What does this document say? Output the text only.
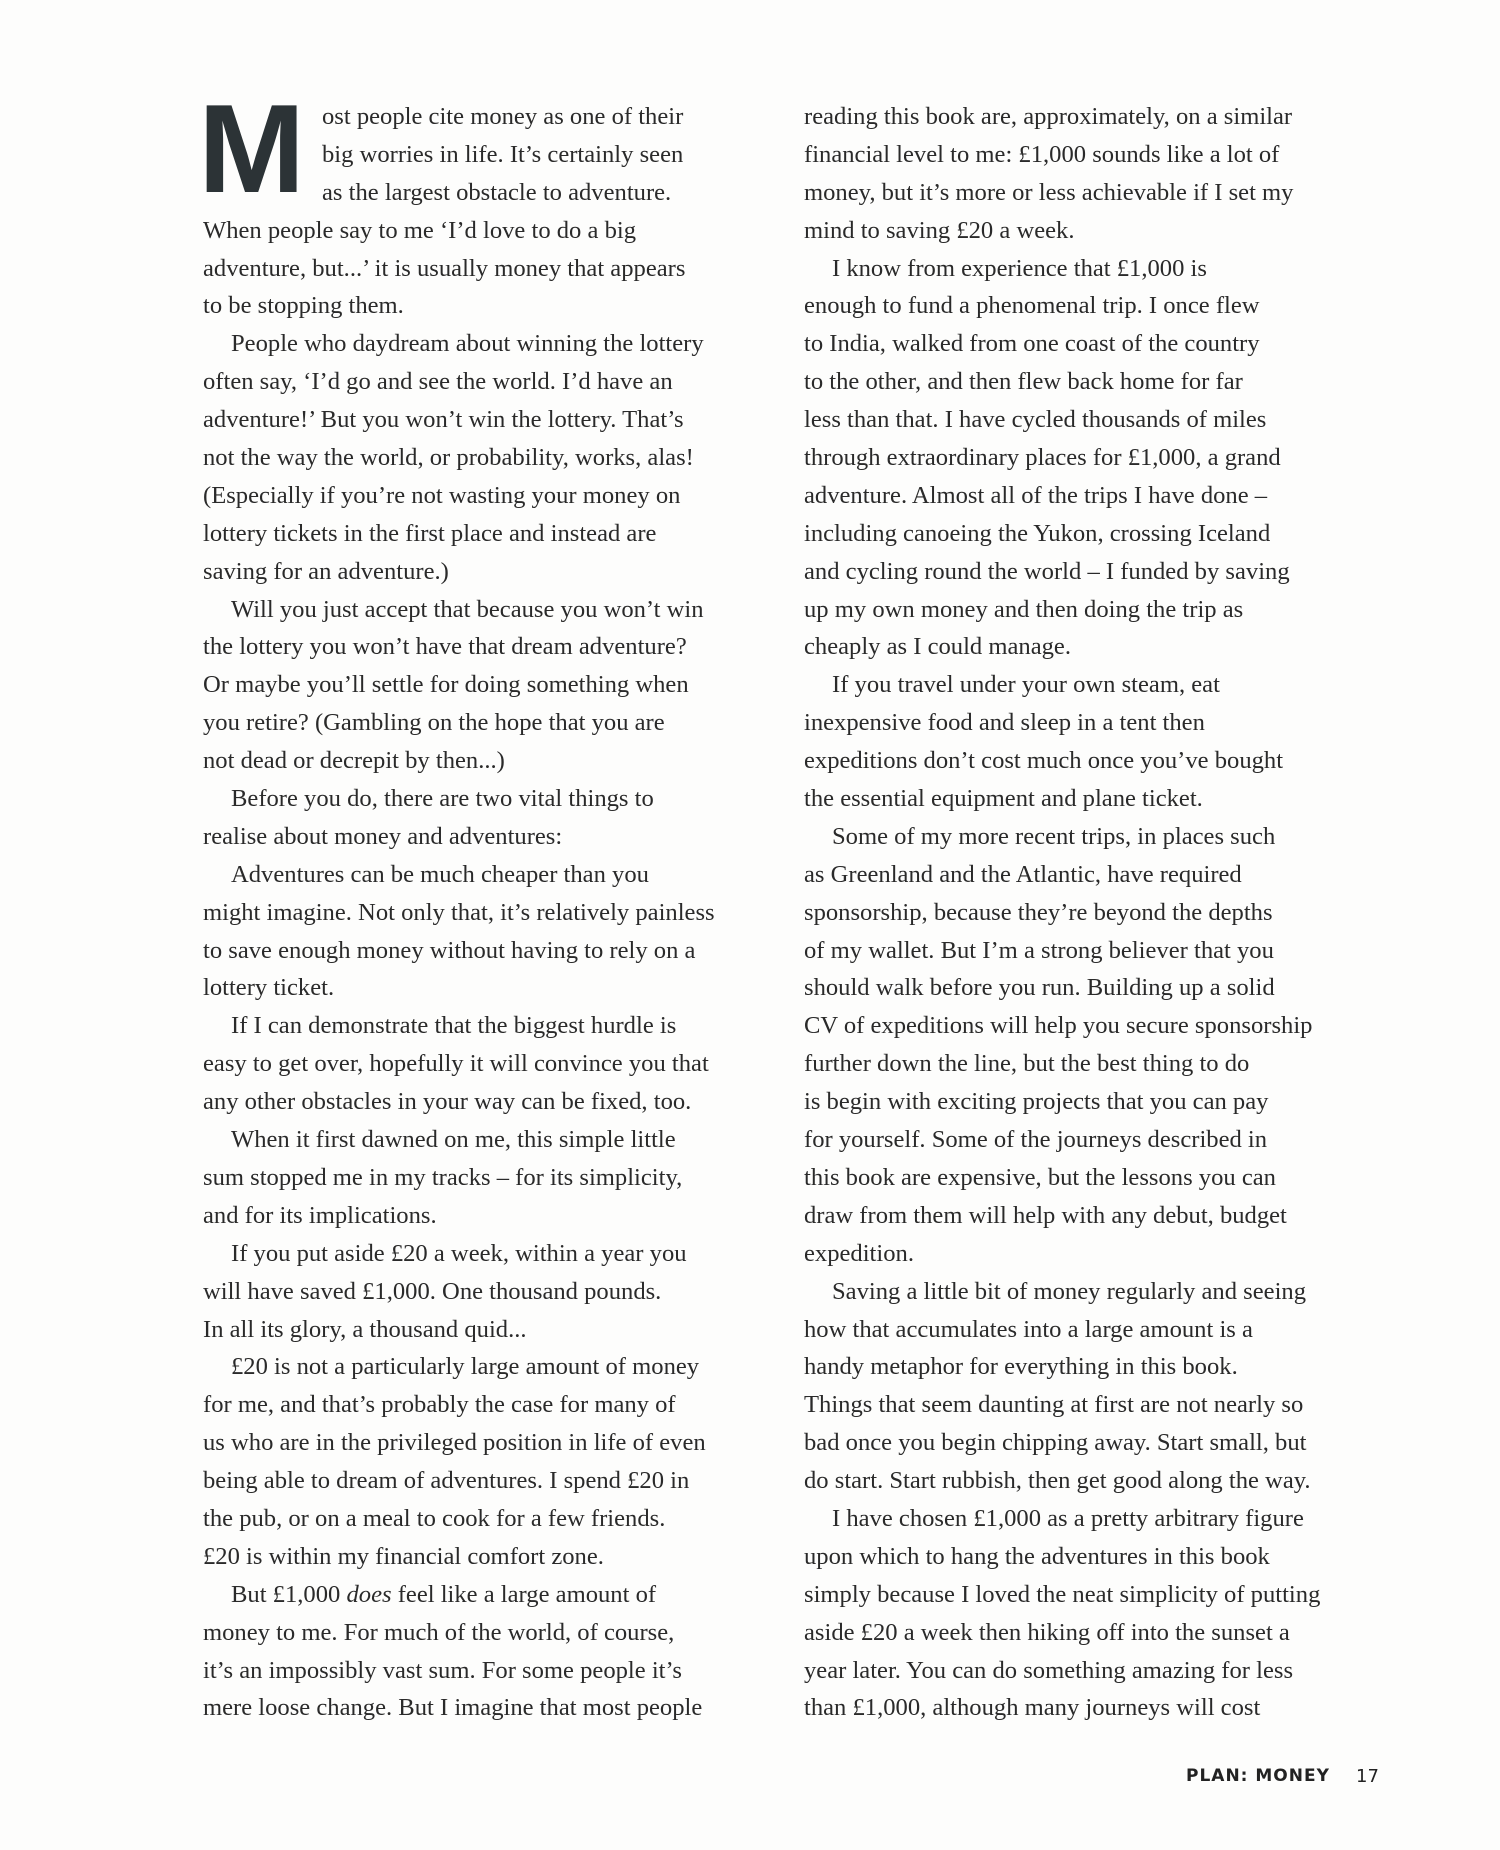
M ost people cite money as one of their
big worries in life. It’s certainly seen
as the largest obstacle to adventure.
When people say to me ‘I’d love to do a big
adventure, but...’ it is usually money that appears
to be stopping them.
People who daydream about winning the lottery
often say, ‘I’d go and see the world. I’d have an
adventure!’ But you won’t win the lottery. That’s
not the way the world, or probability, works, alas!
(Especially if you’re not wasting your money on
lottery tickets in the first place and instead are
saving for an adventure.)
Will you just accept that because you won’t win
the lottery you won’t have that dream adventure?
Or maybe you’ll settle for doing something when
you retire? (Gambling on the hope that you are
not dead or decrepit by then...)
Before you do, there are two vital things to
realise about money and adventures:
Adventures can be much cheaper than you
might imagine. Not only that, it’s relatively painless
to save enough money without having to rely on a
lottery ticket.
If I can demonstrate that the biggest hurdle is
easy to get over, hopefully it will convince you that
any other obstacles in your way can be fixed, too.
When it first dawned on me, this simple little
sum stopped me in my tracks – for its simplicity,
and for its implications.
If you put aside £20 a week, within a year you
will have saved £1,000. One thousand pounds.
In all its glory, a thousand quid...
£20 is not a particularly large amount of money
for me, and that’s probably the case for many of
us who are in the privileged position in life of even
being able to dream of adventures. I spend £20 in
the pub, or on a meal to cook for a few friends.
£20 is within my financial comfort zone.
But £1,000 does feel like a large amount of
money to me. For much of the world, of course,
it’s an impossibly vast sum. For some people it’s
mere loose change. But I imagine that most people
reading this book are, approximately, on a similar
financial level to me: £1,000 sounds like a lot of
money, but it’s more or less achievable if I set my
mind to saving £20 a week.
I know from experience that £1,000 is
enough to fund a phenomenal trip. I once flew
to India, walked from one coast of the country
to the other, and then flew back home for far
less than that. I have cycled thousands of miles
through extraordinary places for £1,000, a grand
adventure. Almost all of the trips I have done –
including canoeing the Yukon, crossing Iceland
and cycling round the world – I funded by saving
up my own money and then doing the trip as
cheaply as I could manage.
If you travel under your own steam, eat
inexpensive food and sleep in a tent then
expeditions don’t cost much once you’ve bought
the essential equipment and plane ticket.
Some of my more recent trips, in places such
as Greenland and the Atlantic, have required
sponsorship, because they’re beyond the depths
of my wallet. But I’m a strong believer that you
should walk before you run. Building up a solid
CV of expeditions will help you secure sponsorship
further down the line, but the best thing to do
is begin with exciting projects that you can pay
for yourself. Some of the journeys described in
this book are expensive, but the lessons you can
draw from them will help with any debut, budget
expedition.
Saving a little bit of money regularly and seeing
how that accumulates into a large amount is a
handy metaphor for everything in this book.
Things that seem daunting at first are not nearly so
bad once you begin chipping away. Start small, but
do start. Start rubbish, then get good along the way.
I have chosen £1,000 as a pretty arbitrary figure
upon which to hang the adventures in this book
simply because I loved the neat simplicity of putting
aside £20 a week then hiking off into the sunset a
year later. You can do something amazing for less
than £1,000, although many journeys will cost
PLAN: MONEY 17
